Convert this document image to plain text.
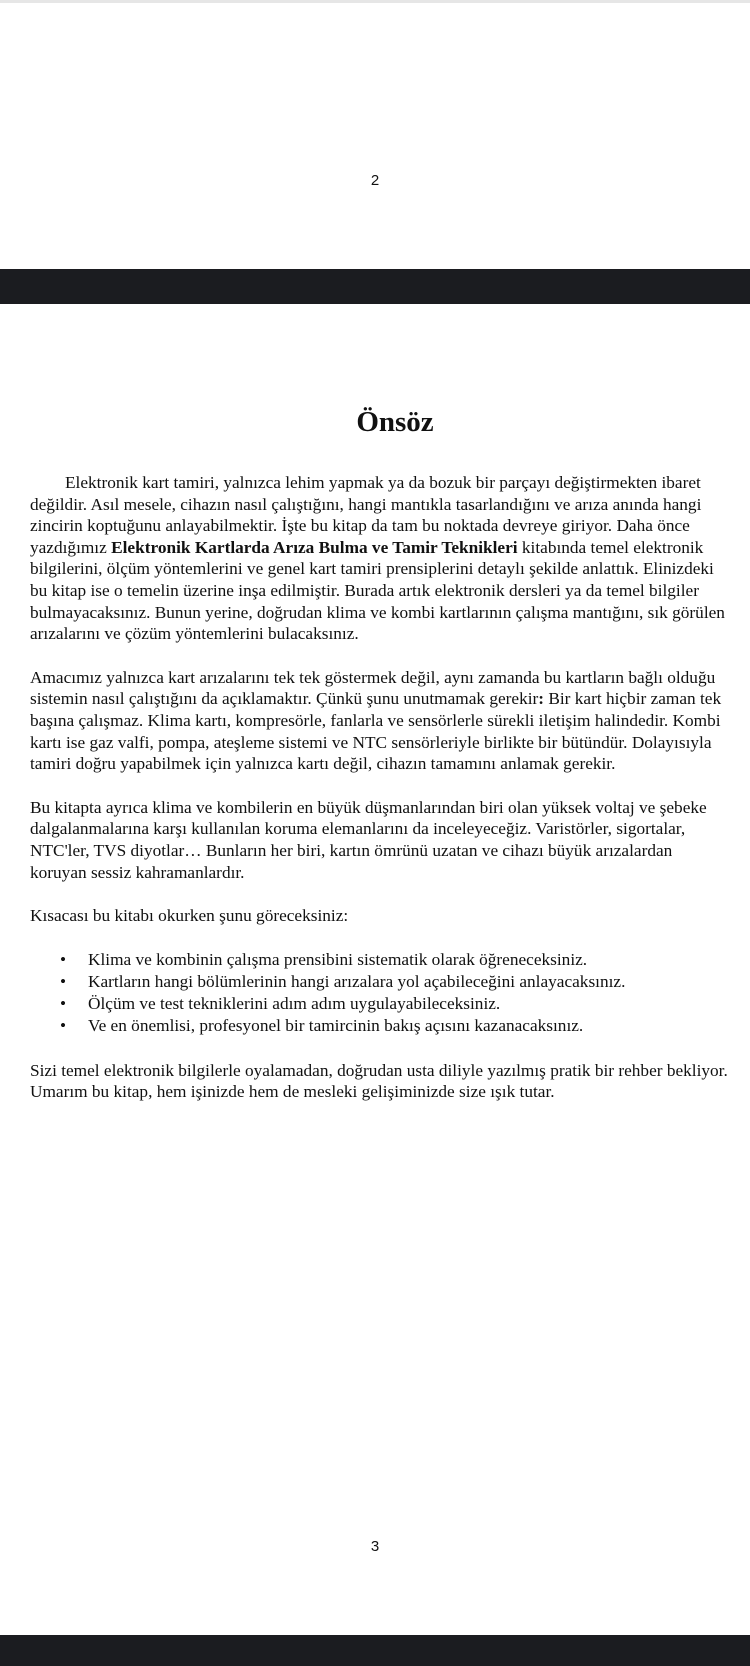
2
Önsöz

Elektronik kart tamiri, yalnızca lehim yapmak ya da bozuk bir parçayı değiştirmekten ibaret değildir. Asıl mesele, cihazın nasıl çalıştığını, hangi mantıkla tasarlandığını ve arıza anında hangi zincirin koptuğunu anlayabilmektir. İşte bu kitap da tam bu noktada devreye giriyor. Daha önce yazdığımız Elektronik Kartlarda Arıza Bulma ve Tamir Teknikleri kitabında temel elektronik bilgilerini, ölçüm yöntemlerini ve genel kart tamiri prensiplerini detaylı şekilde anlattık. Elinizdeki bu kitap ise o temelin üzerine inşa edilmiştir. Burada artık elektronik dersleri ya da temel bilgiler bulmayacaksınız. Bunun yerine, doğrudan klima ve kombi kartlarının çalışma mantığını, sık görülen arızalarını ve çözüm yöntemlerini bulacaksınız.

Amacımız yalnızca kart arızalarını tek tek göstermek değil, aynı zamanda bu kartların bağlı olduğu sistemin nasıl çalıştığını da açıklamaktır. Çünkü şunu unutmamak gerekir: Bir kart hiçbir zaman tek başına çalışmaz. Klima kartı, kompresörle, fanlarla ve sensörlerle sürekli iletişim halindedir. Kombi kartı ise gaz valfi, pompa, ateşleme sistemi ve NTC sensörleriyle birlikte bir bütündür. Dolayısıyla tamiri doğru yapabilmek için yalnızca kartı değil, cihazın tamamını anlamak gerekir.

Bu kitapta ayrıca klima ve kombilerin en büyük düşmanlarından biri olan yüksek voltaj ve şebeke dalgalanmalarına karşı kullanılan koruma elemanlarını da inceleyeceğiz. Varistörler, sigortalar, NTC'ler, TVS diyotlar… Bunların her biri, kartın ömrünü uzatan ve cihazı büyük arızalardan koruyan sessiz kahramanlardır.

Kısacası bu kitabı okurken şunu göreceksiniz:

• Klima ve kombinin çalışma prensibini sistematik olarak öğreneceksiniz.
• Kartların hangi bölümlerinin hangi arızalara yol açabileceğini anlayacaksınız.
• Ölçüm ve test tekniklerini adım adım uygulayabileceksiniz.
• Ve en önemlisi, profesyonel bir tamircinin bakış açısını kazanacaksınız.

Sizi temel elektronik bilgilerle oyalamadan, doğrudan usta diliyle yazılmış pratik bir rehber bekliyor. Umarım bu kitap, hem işinizde hem de mesleki gelişiminizde size ışık tutar.

3
